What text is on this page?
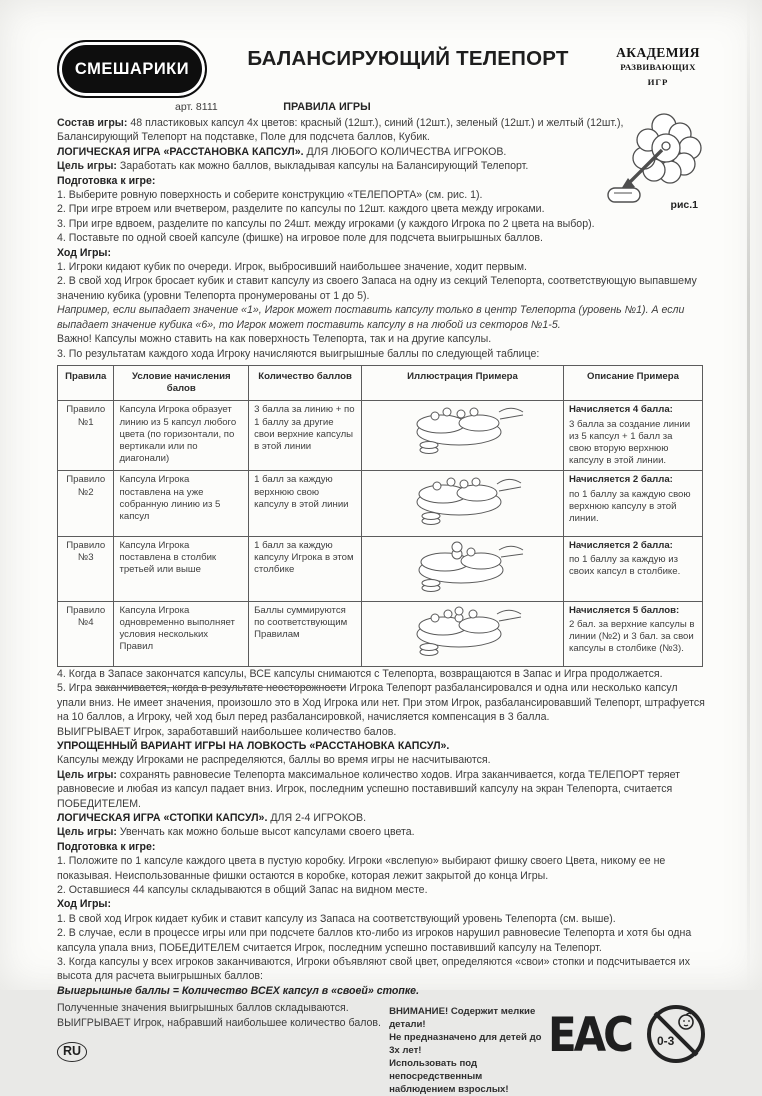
СМЕШАРИКИ	БАЛАНСИРУЮЩИЙ ТЕЛЕПОРТ	АКАДЕМИЯ
РАЗВИВАЮЩИХ
ИГР
арт. 8111	ПРАВИЛА ИГРЫ
рис.1

Состав игры: 48 пластиковых капсул 4х цветов: красный (12шт.), синий (12шт.), зеленый (12шт.) и желтый (12шт.), Балансирующий Телепорт на подставке, Поле для подсчета баллов, Кубик.

ЛОГИЧЕСКАЯ ИГРА «РАССТАНОВКА КАПСУЛ». ДЛЯ ЛЮБОГО КОЛИЧЕСТВА ИГРОКОВ.

Цель игры: Заработать как можно баллов, выкладывая капсулы на Балансирующий Телепорт.

Подготовка к игре:

1. Выберите ровную поверхность и соберите конструкцию «ТЕЛЕПОРТА» (см. рис. 1).

2. При игре втроем или вчетвером, разделите по капсулы по 12шт. каждого цвета между игроками.

3. При игре вдвоем, разделите по капсулы по 24шт. между игроками (у каждого Игрока по 2 цвета на выбор).

4. Поставьте по одной своей капсуле (фишке) на игровое поле для подсчета выигрышных баллов.

Ход Игры:

1. Игроки кидают кубик по очереди. Игрок, выбросивший наибольшее значение, ходит первым.

2. В свой ход Игрок бросает кубик и ставит капсулу из своего Запаса на одну из секций Телепорта, соответствующую выпавшему значению кубика (уровни Телепорта пронумерованы от 1 до 5).

Например, если выпадает значение «1», Игрок может поставить капсулу только в центр Телепорта (уровень №1). А если выпадает значение кубика «6», то Игрок может поставить капсулу в на любой из секторов №1-5.

Важно! Капсулы можно ставить на как поверхность Телепорта, так и на другие капсулы.

3. По результатам каждого хода Игроку начисляются выигрышные баллы по следующей таблице:

Правила	Условие начисления балов	Количество баллов	Иллюстрация Примера	Описание Примера
Правило №1	Капсула Игрока образует линию из 5 капсул любого цвета (по горизонтали, по вертикали или по диагонали)	3 балла за линию + по 1 баллу за другие свои верхние капсулы в этой линии		Начисляется 4 балла:
3 балла за создание линии из 5 капсул + 1 балл за свою вторую верхнюю капсулу в этой линии.
Правило №2	Капсула Игрока поставлена на уже собранную линию из 5 капсул	1 балл за каждую верхнюю свою капсулу в этой линии		Начисляется 2 балла:
по 1 баллу за каждую свою верхнюю капсулу в этой линии.
Правило №3	Капсула Игрока поставлена в столбик третьей или выше	1 балл за каждую капсулу Игрока в этом столбике		Начисляется 2 балла:
по 1 баллу за каждую из своих капсул в столбике.
Правило №4	Капсула Игрока одновременно выполняет условия нескольких Правил	Баллы суммируются по соответствующим Правилам		Начисляется 5 баллов:
2 бал. за верхние капсулы в линии (№2) и 3 бал. за свои капсулы в столбике (№3).

4. Когда в Запасе закончатся капсулы, ВСЕ капсулы снимаются с Телепорта, возвращаются в Запас и Игра продолжается.

5. Игра заканчивается, когда в результате неосторожности Игрока Телепорт разбалансировался и одна или несколько капсул упали вниз. Не имеет значения, произошло это в Ход Игрока или нет. При этом Игрок, разбалансировавший Телепорт, штрафуется на 10 баллов, а Игроку, чей ход был перед разбалансировкой, начисляется компенсация в 3 балла.

ВЫИГРЫВАЕТ Игрок, заработавший наибольшее количество балов.

УПРОЩЕННЫЙ ВАРИАНТ ИГРЫ НА ЛОВКОСТЬ «РАССТАНОВКА КАПСУЛ».

Капсулы между Игроками не распределяются, баллы во время игры не насчитываются.

Цель игры: сохранять равновесие Телепорта максимальное количество ходов. Игра заканчивается, когда ТЕЛЕПОРТ теряет равновесие и любая из капсул падает вниз. Игрок, последним успешно поставивший капсулу на экран Телепорта, считается ПОБЕДИТЕЛЕМ.

ЛОГИЧЕСКАЯ ИГРА «СТОПКИ КАПСУЛ». ДЛЯ 2-4 ИГРОКОВ.

Цель игры: Увенчать как можно больше высот капсулами своего цвета.

Подготовка к игре:

1. Положите по 1 капсуле каждого цвета в пустую коробку. Игроки «вслепую» выбирают фишку своего Цвета, никому ее не показывая. Неиспользованные фишки остаются в коробке, которая лежит закрытой до конца Игры.

2. Оставшиеся 44 капсулы складываются в общий Запас на видном месте.

Ход Игры:

1. В свой ход Игрок кидает кубик и ставит капсулу из Запаса на соответствующий уровень Телепорта (см. выше).

2. В случае, если в процессе игры или при подсчете баллов кто-либо из игроков нарушил равновесие Телепорта и хотя бы одна капсула упала вниз, ПОБЕДИТЕЛЕМ считается Игрок, последним успешно поставивший капсулу на Телепорт.

3. Когда капсулы у всех игроков заканчиваются, Игроки объявляют свой цвет, определяются «свои» стопки и подсчитывается их высота для расчета выигрышных баллов:

Выигрышные баллы = Количество ВСЕХ капсул в «своей» стопке.

Полученные значения выигрышных баллов складываются.

ВЫИГРЫВАЕТ Игрок, набравший наибольшее количество балов.

RU
ВНИМАНИЕ! Содержит мелкие детали!
Не предназначено для детей до 3х лет!
Использовать под непосредственным
наблюдением взрослых!
EAC 0-3
